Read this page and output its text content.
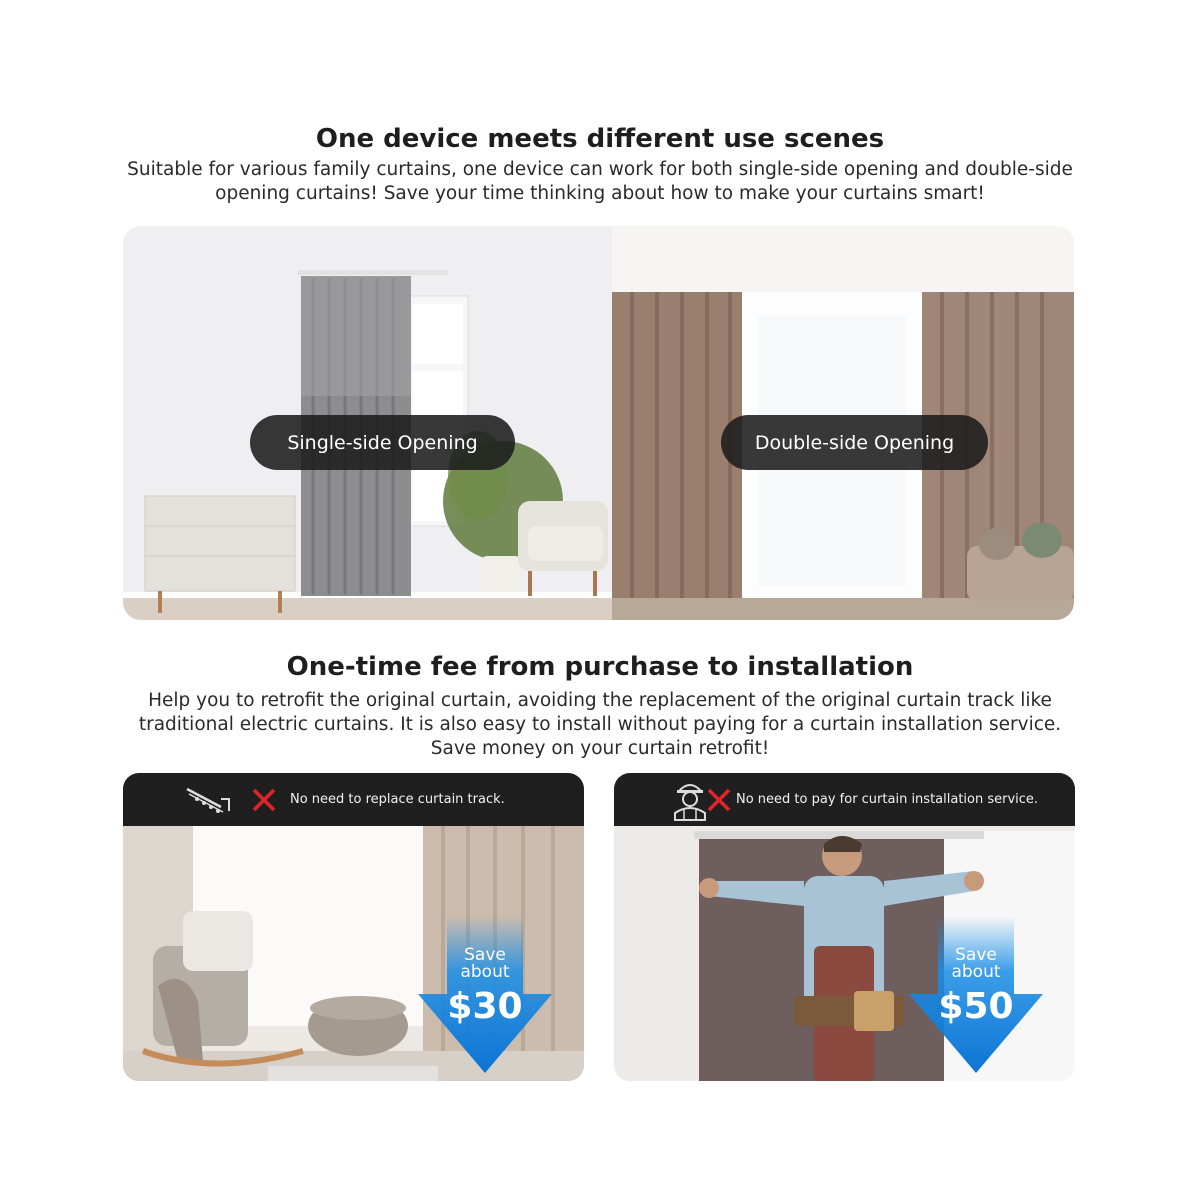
One device meets different use scenes

Suitable for various family curtains, one device can work for both single-side opening and double-side
opening curtains! Save your time thinking about how to make your curtains smart!

Single-side Opening	Double-side Opening
One-time fee from purchase to installation

Help you to retrofit the original curtain, avoiding the replacement of the original curtain track like
traditional electric curtains. It is also easy to install without paying for a curtain installation service.
Save money on your curtain retrofit!

No need to replace curtain track.
Save
about
$30
No need to pay for curtain installation service.
Save
about
$50
